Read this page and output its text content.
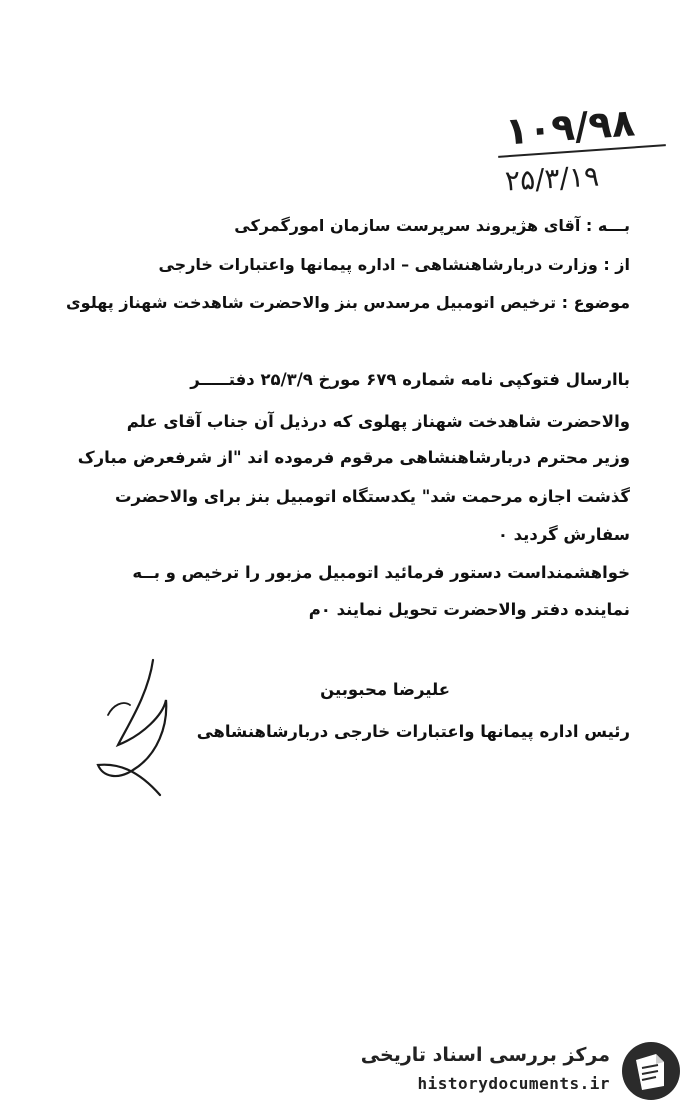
۱۰۹/۹۸
۲۵/۳/۱۹
بـــه : آقای هژیروند سرپرست سازمان امورگمرکی
از : وزارت دربارشاهنشاهی – اداره پیمانها واعتبارات خارجی
موضوع : ترخیص اتومبیل مرسدس بنز والاحضرت شاهدخت شهناز پهلوی
باارسال فتوکپی نامه شماره ۶۷۹ مورخ ۲۵/۳/۹ دفتـــــر
والاحضرت شاهدخت شهناز پهلوی که درذیل آن جناب آقای علم
وزیر محترم دربارشاهنشاهی مرقوم فرموده اند "از شرفعرض مبارک
گذشت اجازه مرحمت شد" یکدستگاه اتومبیل بنز برای والاحضرت
سفارش گردید ۰
خواهشمنداست دستور فرمائید اتومبیل مزبور را ترخیص و بــه
نماینده دفتر والاحضرت تحویل نمایند ۰م
علیرضا محبوبین
رئیس اداره پیمانها واعتبارات خارجی دربارشاهنشاهی
مرکز بررسی اسناد تاریخی
historydocuments.ir
